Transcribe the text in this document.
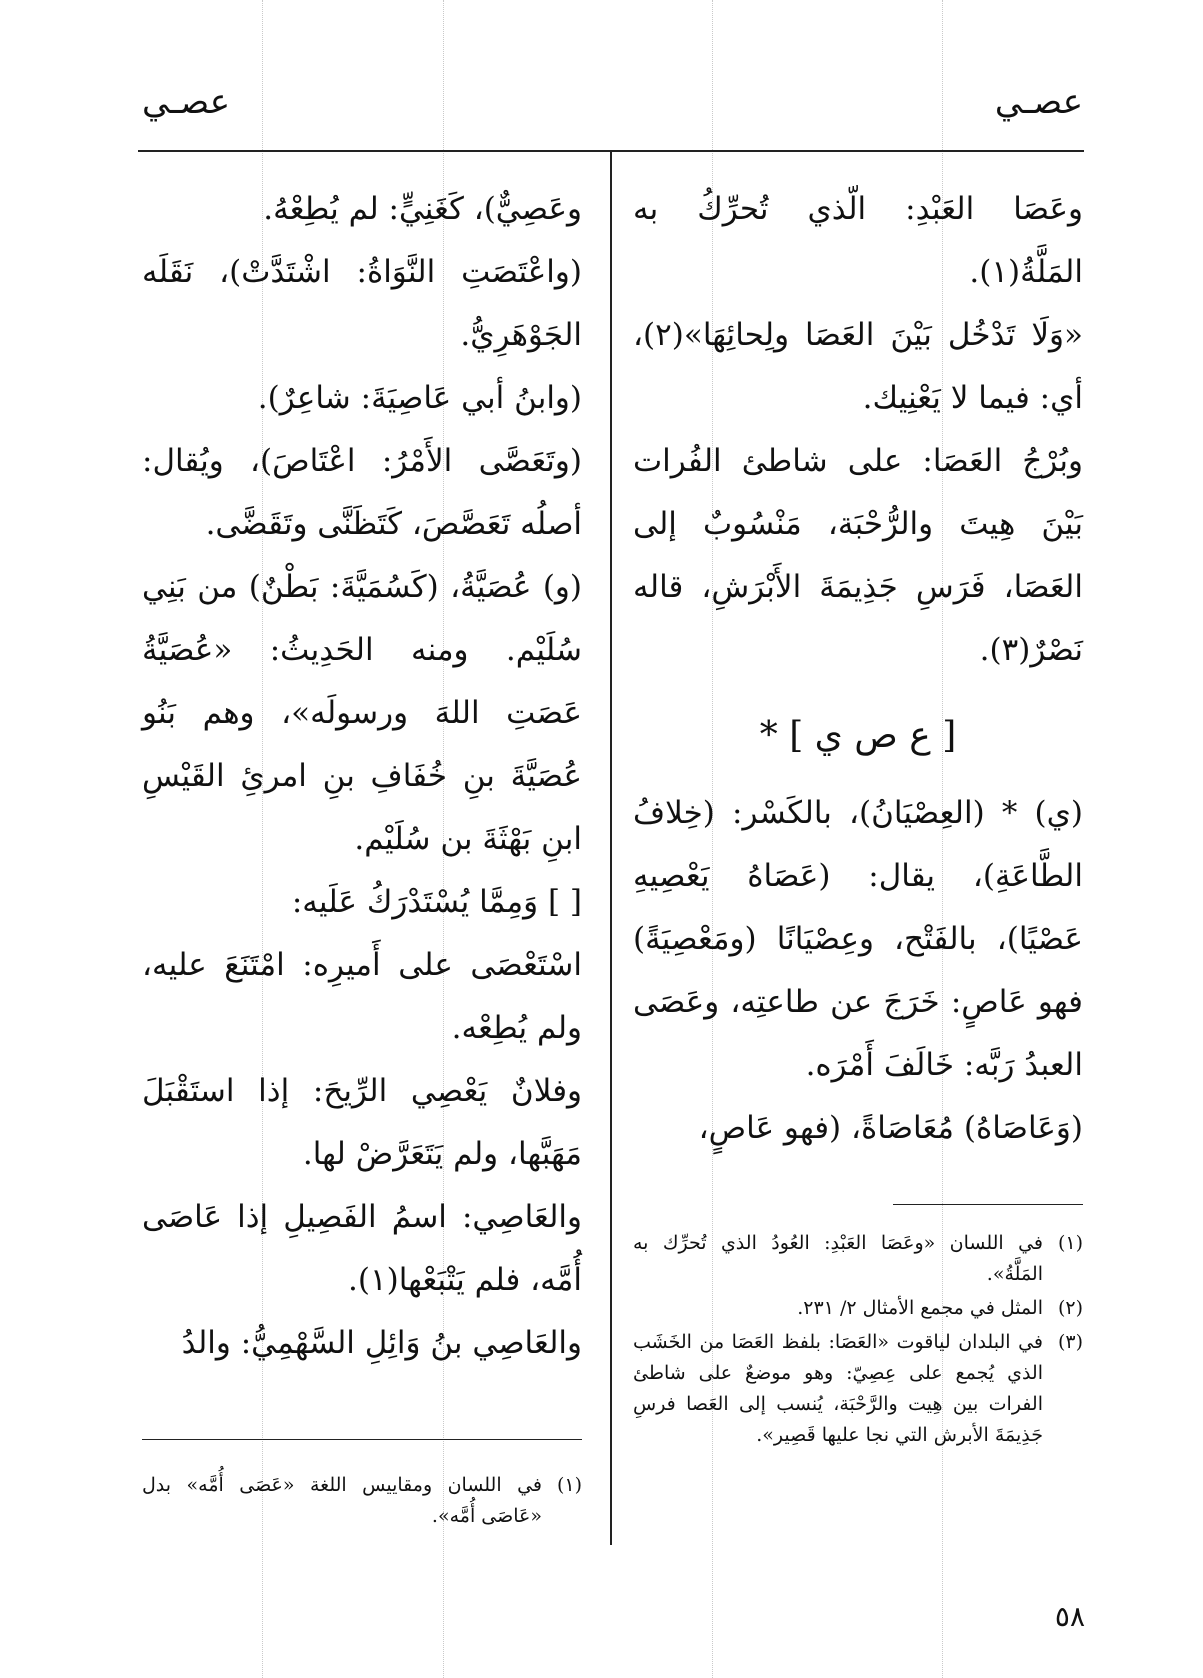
عصـي
عصـي

وعَصَا العَبْدِ: الّذي تُحرِّكُ به المَلَّةُ(١).

«وَلَا تَدْخُل بَيْنَ العَصَا ولِحائِهَا»(٢)، أي: فيما لا يَعْنِيك.

وبُرْجُ العَصَا: على شاطئ الفُرات بَيْنَ هِيتَ والرُّحْبَة، مَنْسُوبٌ إلى العَصَا، فَرَسِ جَذِيمَةَ الأَبْرَشِ، قاله نَصْرٌ(٣).

[ ع ص ي ] *

(ي) * (العِصْيَانُ)، بالكَسْر: (خِلافُ الطَّاعَةِ)، يقال: (عَصَاهُ يَعْصِيهِ عَصْيًا)، بالفَتْح، وعِصْيَانًا (ومَعْصِيَةً) فهو عَاصٍ: خَرَجَ عن طاعتِه، وعَصَى العبدُ رَبَّه: خَالَفَ أَمْرَه.

(وَعَاصَاهُ) مُعَاصَاةً، (فهو عَاصٍ،

(١)
في اللسان «وعَصَا العَبْدِ: العُودُ الذي تُحرِّك به المَلَّةُ».
(٢)
المثل في مجمع الأمثال ٢/ ٢٣١.
(٣)
في البلدان لياقوت «العَصَا: بلفظ العَصَا من الخَشَب الذي يُجمع على عِصِيّ: وهو موضعٌ على شاطئ الفرات بين هِيت والرَّحْبَة، يُنسب إلى العَصا فرسِ جَذِيمَةَ الأبرش التي نجا عليها قَصِير».

وعَصِيٌّ)، كَغَنِيٍّ: لم يُطِعْهُ.

(واعْتَصَتِ النَّوَاةُ: اشْتَدَّتْ)، نَقَلَه الجَوْهَرِيُّ.

(وابنُ أبي عَاصِيَةَ: شاعِرٌ).

(وتَعَصَّى الأَمْرُ: اعْتَاصَ)، ويُقال: أصلُه تَعَصَّصَ، كَتَظَنَّى وتَقَضَّى.

(و) عُصَيَّةُ، (كَسُمَيَّةَ: بَطْنٌ) من بَنِي سُلَيْم. ومنه الحَدِيثُ: «عُصَيَّةُ عَصَتِ اللهَ ورسولَه»، وهم بَنُو عُصَيَّةَ بنِ خُفَافِ بنِ امرئِ القَيْسِ ابنِ بَهْثَةَ بن سُلَيْم.

[ ] وَمِمَّا يُسْتَدْرَكُ عَلَيه:

اسْتَعْصَى على أَميرِه: امْتَنَعَ عليه، ولم يُطِعْه.

وفلانٌ يَعْصِي الرِّيحَ: إذا استَقْبَلَ مَهَبَّها، ولم يَتَعَرَّضْ لها.

والعَاصِي: اسمُ الفَصِيلِ إذا عَاصَى أُمَّه، فلم يَتْبَعْها(١).

والعَاصِي بنُ وَائِلِ السَّهْمِيُّ: والدُ

(١)
في اللسان ومقاييس اللغة «عَصَى أُمَّه» بدل «عَاصَى أُمَّه».
٥٨
